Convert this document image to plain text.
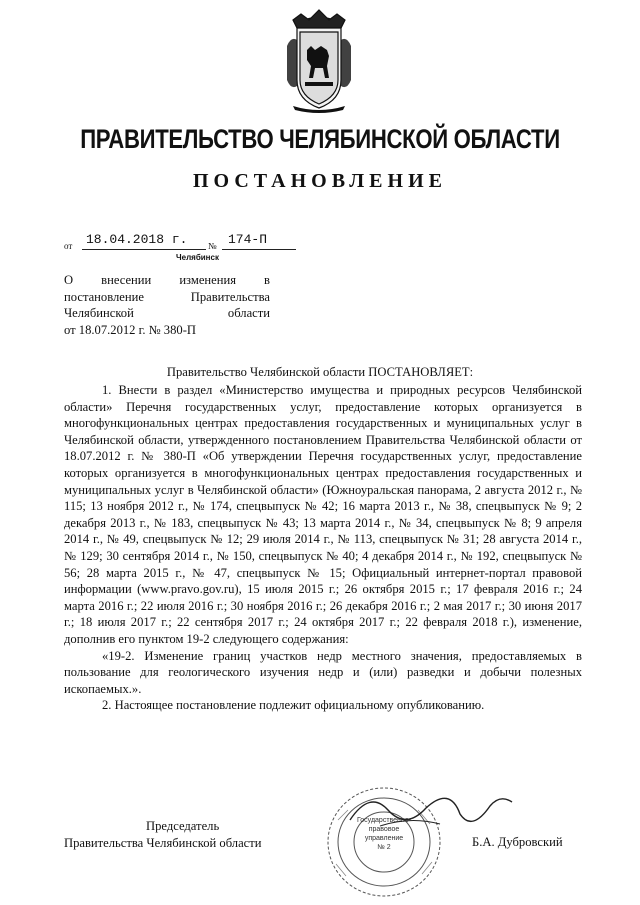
ПРАВИТЕЛЬСТВО ЧЕЛЯБИНСКОЙ ОБЛАСТИ
ПОСТАНОВЛЕНИЕ
от	18.04.2018 г.	№ 174-П
Челябинск
О внесении изменения в
постановление Правительства
Челябинской области
от 18.07.2012 г. № 380-П
Правительство Челябинской области ПОСТАНОВЛЯЕТ:
1. Внести в раздел «Министерство имущества и природных ресурсов Челябинской области» Перечня государственных услуг, предоставление которых организуется в многофункциональных центрах предоставления государственных и муниципальных услуг в Челябинской области, утвержденного постановлением Правительства Челябинской области от 18.07.2012 г. № 380-П «Об утверждении Перечня государственных услуг, предоставление которых организуется в многофункциональных центрах предоставления государственных и муниципальных услуг в Челябинской области» (Южноуральская панорама, 2 августа 2012 г., № 115; 13 ноября 2012 г., № 174, спецвыпуск № 42; 16 марта 2013 г., № 38, спецвыпуск № 9; 2 декабря 2013 г., № 183, спецвыпуск № 43; 13 марта 2014 г., № 34, спецвыпуск № 8; 9 апреля 2014 г., № 49, спецвыпуск № 12; 29 июля 2014 г., № 113, спецвыпуск № 31; 28 августа 2014 г., № 129; 30 сентября 2014 г., № 150, спецвыпуск № 40; 4 декабря 2014 г., № 192, спецвыпуск № 56; 28 марта 2015 г., № 47, спецвыпуск № 15; Официальный интернет-портал правовой информации (www.pravo.gov.ru), 15 июля 2015 г.; 26 октября 2015 г.; 17 февраля 2016 г.; 24 марта 2016 г.; 22 июля 2016 г.; 30 ноября 2016 г.; 26 декабря 2016 г.; 2 мая 2017 г.; 30 июня 2017 г.; 18 июля 2017 г.; 22 сентября 2017 г.; 24 октября 2017 г.; 22 февраля 2018 г.), изменение, дополнив его пунктом 19-2 следующего содержания:
«19-2. Изменение границ участков недр местного значения, предоставляемых в пользование для геологического изучения недр и (или) разведки и добычи полезных ископаемых.».
2. Настоящее постановление подлежит официальному опубликованию.
Председатель
Правительства Челябинской области	Б.А. Дубровский
Государственно-
правовое
управление
№ 2
